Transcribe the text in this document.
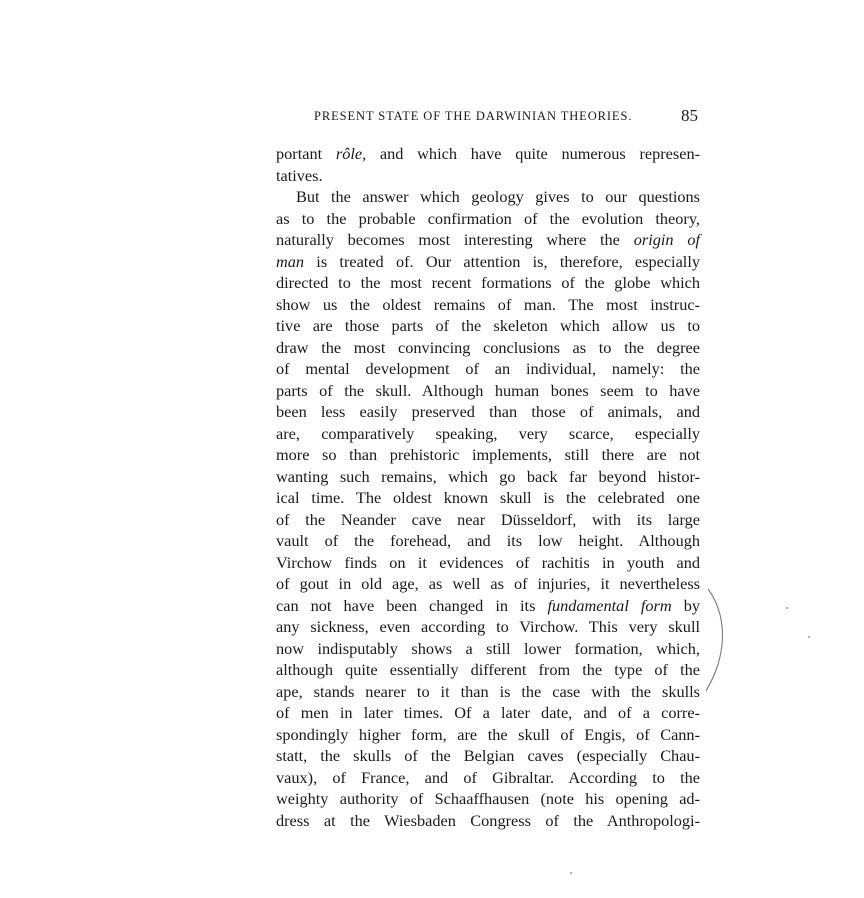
PRESENT STATE OF THE DARWINIAN THEORIES.	85
portant rôle, and which have quite numerous represen-
tatives.
But the answer which geology gives to our questions
as to the probable confirmation of the evolution theory,
naturally becomes most interesting where the origin of
man is treated of. Our attention is, therefore, especially
directed to the most recent formations of the globe which
show us the oldest remains of man. The most instruc-
tive are those parts of the skeleton which allow us to
draw the most convincing conclusions as to the degree
of mental development of an individual, namely: the
parts of the skull. Although human bones seem to have
been less easily preserved than those of animals, and
are, comparatively speaking, very scarce, especially
more so than prehistoric implements, still there are not
wanting such remains, which go back far beyond histor-
ical time. The oldest known skull is the celebrated one
of the Neander cave near Düsseldorf, with its large
vault of the forehead, and its low height. Although
Virchow finds on it evidences of rachitis in youth and
of gout in old age, as well as of injuries, it nevertheless
can not have been changed in its fundamental form by
any sickness, even according to Virchow. This very skull
now indisputably shows a still lower formation, which,
although quite essentially different from the type of the
ape, stands nearer to it than is the case with the skulls
of men in later times. Of a later date, and of a corre-
spondingly higher form, are the skull of Engis, of Cann-
statt, the skulls of the Belgian caves (especially Chau-
vaux), of France, and of Gibraltar. According to the
weighty authority of Schaaffhausen (note his opening ad-
dress at the Wiesbaden Congress of the Anthropologi-
